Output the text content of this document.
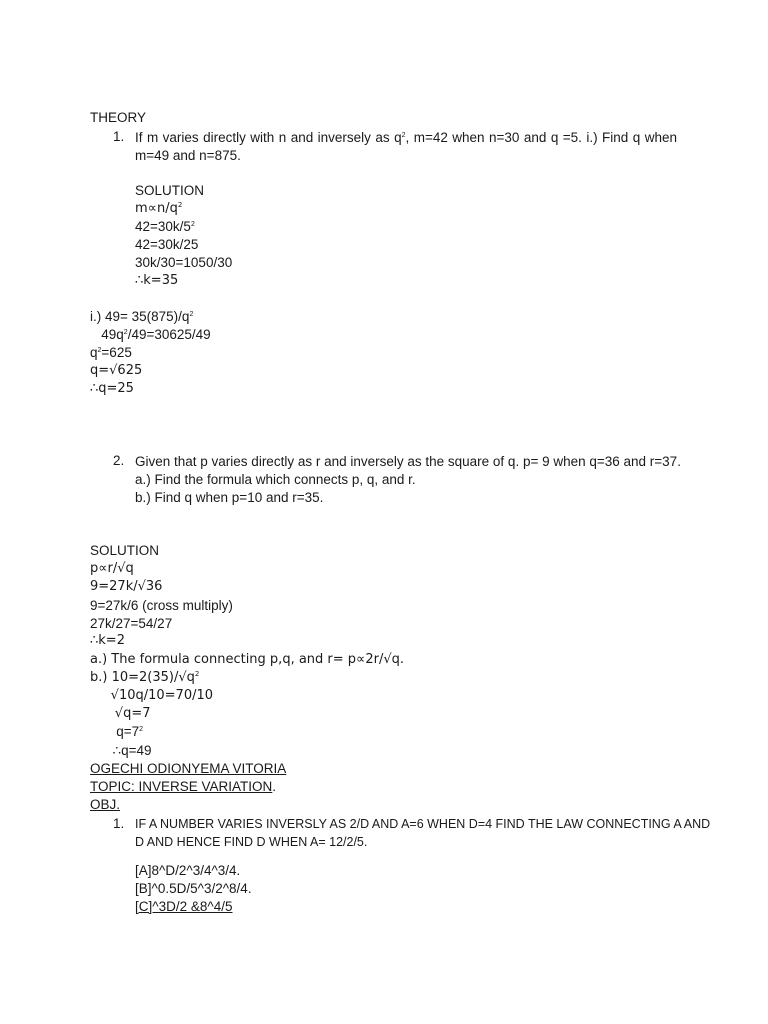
THEORY
1. If m varies directly with n and inversely as $q^2$, m=42 when n=30 and q =5. i.) Find q when
m=49 and n=875.
SOLUTION
$m\propto n/q^2$
$42=30k/5^2$
42=30k/25
30k/30=1050/30
∴k=35
i.) $49= 35(875)/q^2$
$49q^2/49=30625/49$
$q^2=625$
q=√625
∴q=25
2. Given that p varies directly as r and inversely as the square of q. p= 9 when q=36 and r=37.
a.) Find the formula which connects p, q, and r.
b.) Find q when p=10 and r=35.
SOLUTION
p∝r/√q
9=27k/√36
9=27k/6 (cross multiply)
27k/27=54/27
∴k=2
a.) The formula connecting p,q, and r= p∝2r/√q.
b.) $10=2(35)/√q^2$
√10q/10=70/10
√q=7
$q=7^2$
∴q=49
OGECHI ODIONYEMA VITORIA
TOPIC: INVERSE VARIATION.
OBJ.
1. IF A NUMBER VARIES INVERSLY AS 2/D AND A=6 WHEN D=4 FIND THE LAW CONNECTING A AND
D AND HENCE FIND D WHEN A= 12/2/5.
[A]8^D/2^3/4^3/4.
[B]^0.5D/5^3/2^8/4.
[C]^3D/2 &8^4/5
